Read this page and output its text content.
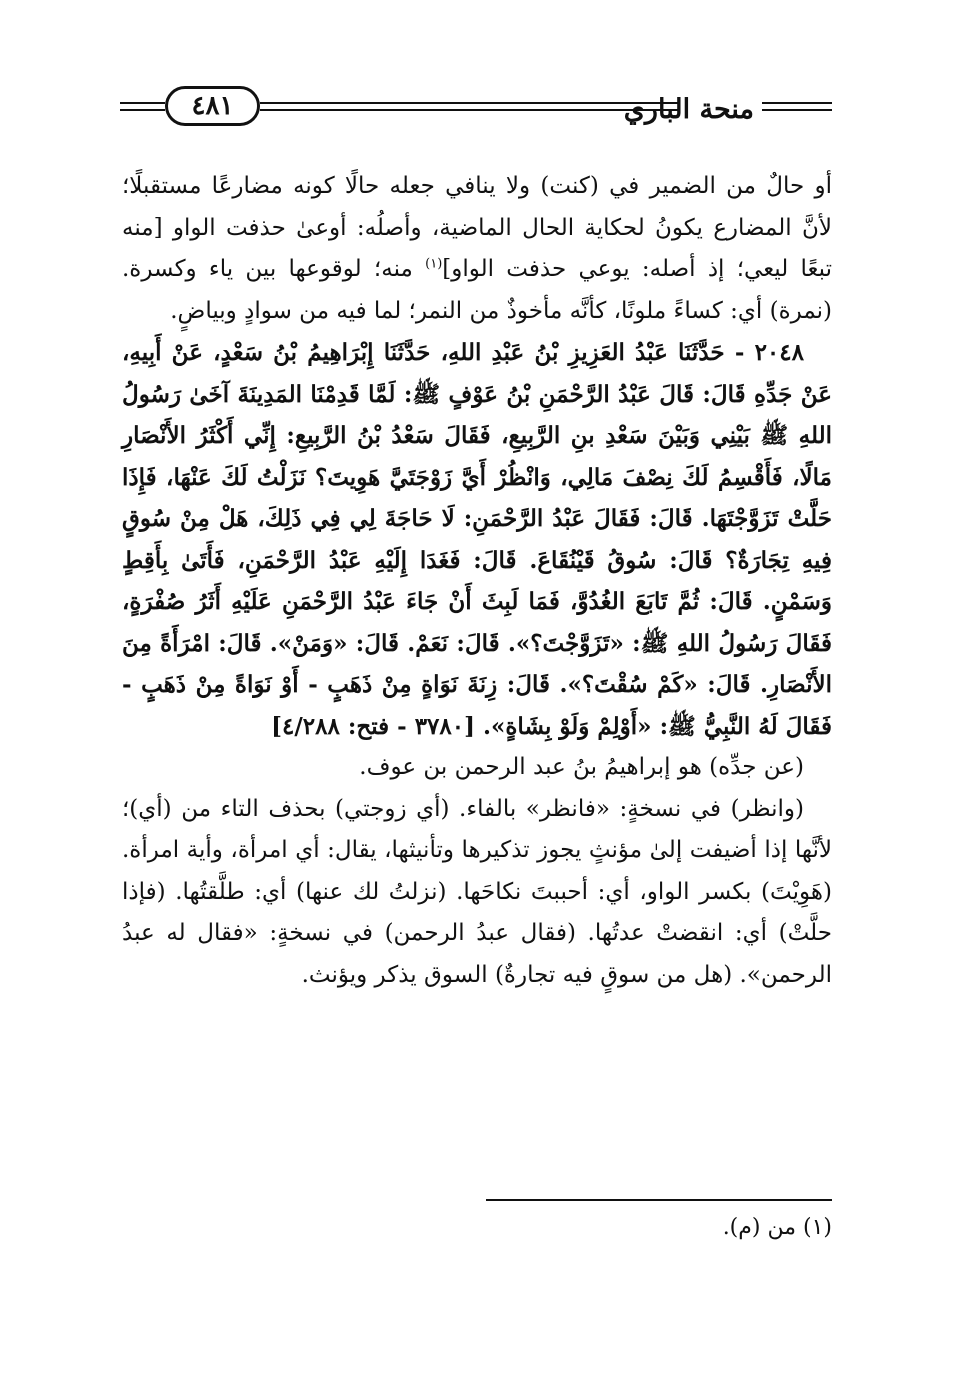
منحة الباري
٤٨١

أو حالٌ من الضمير في (كنت) ولا ينافي جعله حالًا كونه مضارعًا مستقبلًا؛ لأنَّ المضارع يكونُ لحكاية الحال الماضية، وأصلُه: أوعىٰ حذفت الواو [منه تبعًا ليعي؛ إذ أصله: يوعي حذفت الواو]$^{(١)}$ منه؛ لوقوعها بين ياء وكسرة. (نمرة) أي: كساءً ملونًا، كأنَّه مأخوذٌ من النمر؛ لما فيه من سوادٍ وبياضٍ.

٢٠٤٨ - حَدَّثَنَا عَبْدُ العَزِيزِ بْنُ عَبْدِ اللهِ، حَدَّثَنَا إِبْرَاهِيمُ بْنُ سَعْدٍ، عَنْ أَبِيهِ، عَنْ جَدِّهِ قَالَ: قَالَ عَبْدُ الرَّحْمَنِ بْنُ عَوْفٍ ﷺ: لَمَّا قَدِمْنَا المَدِينَةَ آخَىٰ رَسُولُ اللهِ ﷺ بَيْنِي وَبَيْنَ سَعْدِ بنِ الرَّبِيعِ، فَقَالَ سَعْدُ بْنُ الرَّبِيعِ: إِنِّي أَكْثَرُ الأَنْصَارِ مَالًا، فَأَقْسِمُ لَكَ نِصْفَ مَالِي، وَانْظُرْ أَيَّ زَوْجَتَيَّ هَوِيتَ؟ نَزَلْتُ لَكَ عَنْهَا، فَإِذَا حَلَّتْ تَزَوَّجْتَهَا. قَالَ: فَقَالَ عَبْدُ الرَّحْمَنِ: لَا حَاجَةَ لِي فِي ذَلِكَ، هَلْ مِنْ سُوقٍ فِيهِ تِجَارَةٌ؟ قَالَ: سُوقُ قَيْنُقَاعَ. قَالَ: فَغَدَا إِلَيْهِ عَبْدُ الرَّحْمَنِ، فَأَتَىٰ بِأَقِطٍ وَسَمْنٍ. قَالَ: ثُمَّ تَابَعَ الغُدُوَّ، فَمَا لَبِثَ أَنْ جَاءَ عَبْدُ الرَّحْمَنِ عَلَيْهِ أَثَرُ صُفْرَةٍ، فَقَالَ رَسُولُ اللهِ ﷺ: «تَزَوَّجْتَ؟». قَالَ: نَعَمْ. قَالَ: «وَمَنْ». قَالَ: امْرَأَةً مِنَ الأَنْصَارِ. قَالَ: «كَمْ سُقْتَ؟». قَالَ: زِنَةَ نَوَاةٍ مِنْ ذَهَبٍ - أَوْ نَوَاةً مِنْ ذَهَبٍ - فَقَالَ لَهُ النَّبِيُّ ﷺ: «أَوْلِمْ وَلَوْ بِشَاةٍ». [٣٧٨٠ - فتح: ٤/٢٨٨]

(عن جدِّه) هو إبراهيمُ بنُ عبد الرحمن بن عوف.

(وانظر) في نسخةٍ: «فانظر» بالفاء. (أي زوجتي) بحذف التاء من (أي)؛ لأنَّها إذا أضيفت إلىٰ مؤنثٍ يجوز تذكيرها وتأنيثها، يقال: أي امرأة، وأية امرأة. (هَوِيْتَ) بكسر الواو، أي: أحببتَ نكاحَها. (نزلتُ لك عنها) أي: طلَّقتُها. (فإذا حلَّتْ) أي: انقضتْ عدتُها. (فقال عبدُ الرحمن) في نسخةٍ: «فقال له عبدُ الرحمن». (هل من سوقٍ فيه تجارةٌ) السوق يذكر ويؤنث.

(١) من (م).
